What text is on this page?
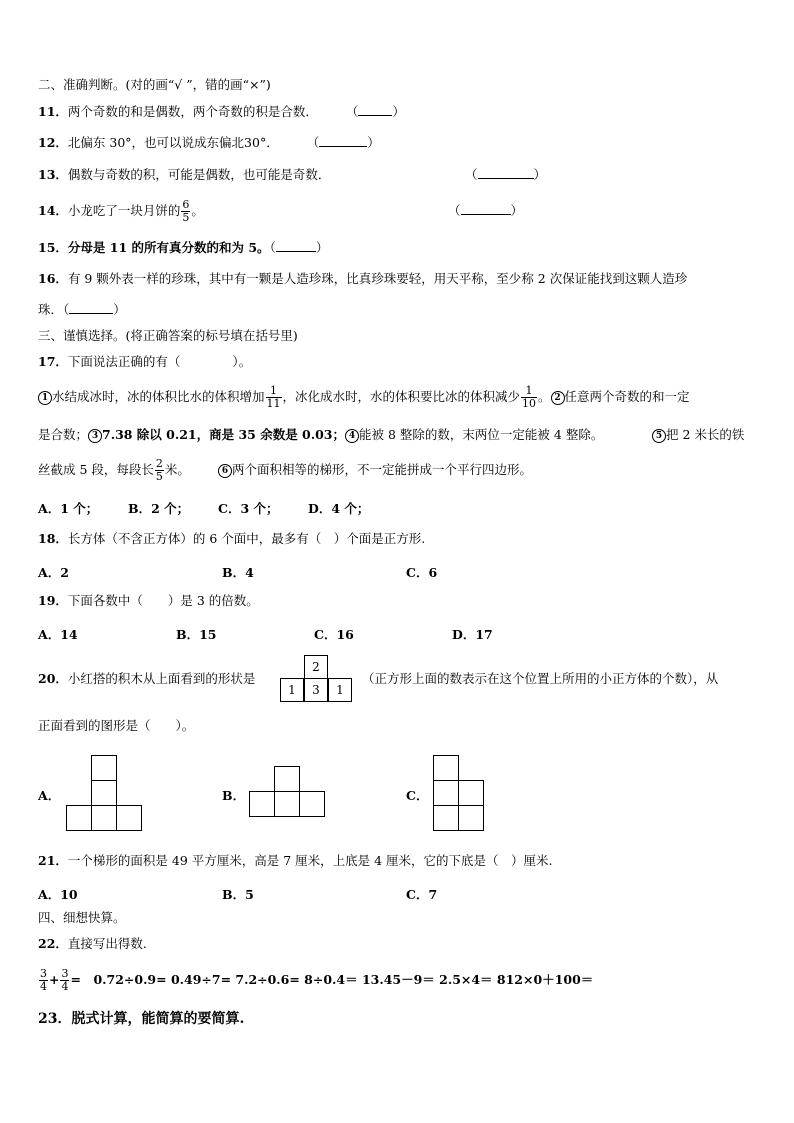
二、准确判断。(对的画“√ ”，错的画“×”)
11．两个奇数的和是偶数，两个奇数的积是合数． （	）
12．北偏东 30°，也可以说成东偏北30°． （	）
13．偶数与奇数的积，可能是偶数，也可能是奇数．	（	）
14．小龙吃了一块月饼的 $\frac{6}{5}$ 。	（	）
15．分母是 11 的所有真分数的和为 5。（	）
16．有 9 颗外表一样的珍珠，其中有一颗是人造珍珠，比真珍珠要轻，用天平称，至少称 2 次保证能找到这颗人造珍
珠．（	）
三、谨慎选择。(将正确答案的标号填在括号里)
17．下面说法正确的有（	）。
1 水结成冰时，冰的体积比水的体积增加 $\frac{1}{11}$ ，冰化成水时，水的体积要比冰的体积减少 $\frac{1}{10}$ 。 2 任意两个奇数的和一定
是合数； 3 7.38 除以 0.21，商是 35 余数是 0.03； 4 能被 8 整除的数，末两位一定能被 4 整除。	5 把 2 米长的铁
丝截成 5 段，每段长 $\frac{2}{5}$ 米。	6 两个面积相等的梯形，不一定能拼成一个平行四边形。
A．1 个； B．2 个； C．3 个； D．4 个；
18．长方体（不含正方体）的 6 个面中，最多有（　）个面是正方形.
A．2	B．4	C．6
19．下面各数中（　　）是 3 的倍数。
A．14	B．15	C．16	D．17
20．小红搭的积木从上面看到的形状是
2
1	3	1
（正方形上面的数表示在这个位置上所用的小正方体的个数），从
正面看到的图形是（　　）。
A．	B．	C．
21．一个梯形的面积是 49 平方厘米，高是 7 厘米，上底是 4 厘米，它的下底是（　）厘米.
A．10	B．5	C．7
四、细想快算。
22．直接写出得数.
$\frac{3}{4} + \frac{3}{4}$ =　0.72÷0.9= 0.49÷7= 7.2÷0.6= 8÷0.4＝ 13.45－9＝ 2.5×4＝ 812×0＋100＝
23．脱式计算，能简算的要简算.
